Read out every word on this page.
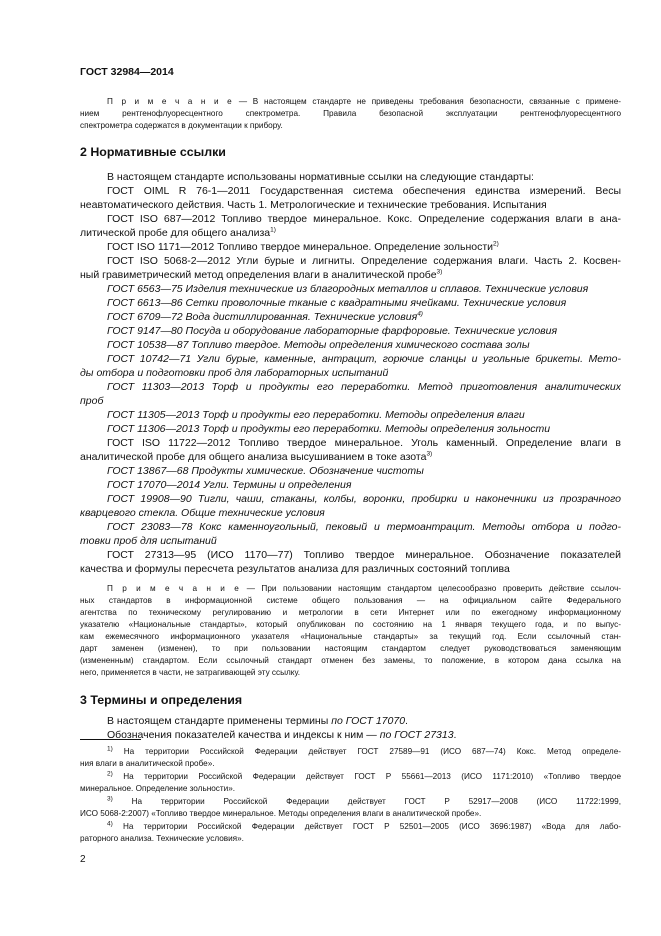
ГОСТ 32984—2014
П р и м е ч а н и е — В настоящем стандарте не приведены требования безопасности, связанные с примене-
нием рентгенофлуоресцентного спектрометра. Правила безопасной эксплуатации рентгенофлуоресцентного
спектрометра содержатся в документации к прибору.
2 Нормативные ссылки
В настоящем стандарте использованы нормативные ссылки на следующие стандарты:
ГОСТ OIML R 76-1—2011 Государственная система обеспечения единства измерений. Весы
неавтоматического действия. Часть 1. Метрологические и технические требования. Испытания
ГОСТ ISO 687—2012 Топливо твердое минеральное. Кокс. Определение содержания влаги в ана-
литической пробе для общего анализа$^{1)}$
ГОСТ ISO 1171—2012 Топливо твердое минеральное. Определение зольности$^{2)}$
ГОСТ ISO 5068-2—2012 Угли бурые и лигниты. Определение содержания влаги. Часть 2. Косвен-
ный гравиметрический метод определения влаги в аналитической пробе$^{3)}$
ГОСТ 6563—75 Изделия технические из благородных металлов и сплавов. Технические условия
ГОСТ 6613—86 Сетки проволочные тканые с квадратными ячейками. Технические условия
ГОСТ 6709—72 Вода дистиллированная. Технические условия$^{4)}$
ГОСТ 9147—80 Посуда и оборудование лабораторные фарфоровые. Технические условия
ГОСТ 10538—87 Топливо твердое. Методы определения химического состава золы
ГОСТ 10742—71 Угли бурые, каменные, антрацит, горючие сланцы и угольные брикеты. Мето-
ды отбора и подготовки проб для лабораторных испытаний
ГОСТ 11303—2013 Торф и продукты его переработки. Метод приготовления аналитических
проб
ГОСТ 11305—2013 Торф и продукты его переработки. Методы определения влаги
ГОСТ 11306—2013 Торф и продукты его переработки. Методы определения зольности
ГОСТ ISO 11722—2012 Топливо твердое минеральное. Уголь каменный. Определение влаги в
аналитической пробе для общего анализа высушиванием в токе азота$^{3)}$
ГОСТ 13867—68 Продукты химические. Обозначение чистоты
ГОСТ 17070—2014 Угли. Термины и определения
ГОСТ 19908—90 Тигли, чаши, стаканы, колбы, воронки, пробирки и наконечники из прозрачного
кварцевого стекла. Общие технические условия
ГОСТ 23083—78 Кокс каменноугольный, пековый и термоантрацит. Методы отбора и подго-
товки проб для испытаний
ГОСТ 27313—95 (ИСО 1170—77) Топливо твердое минеральное. Обозначение показателей
качества и формулы пересчета результатов анализа для различных состояний топлива
П р и м е ч а н и е — При пользовании настоящим стандартом целесообразно проверить действие ссылоч-
ных стандартов в информационной системе общего пользования — на официальном сайте Федерального
агентства по техническому регулированию и метрологии в сети Интернет или по ежегодному информационному
указателю «Национальные стандарты», который опубликован по состоянию на 1 января текущего года, и по выпус-
кам ежемесячного информационного указателя «Национальные стандарты» за текущий год. Если ссылочный стан-
дарт заменен (изменен), то при пользовании настоящим стандартом следует руководствоваться заменяющим
(измененным) стандартом. Если ссылочный стандарт отменен без замены, то положение, в котором дана ссылка на
него, применяется в части, не затрагивающей эту ссылку.
3 Термины и определения
В настоящем стандарте применены термины по ГОСТ 17070.
Обозначения показателей качества и индексы к ним — по ГОСТ 27313.
$^{1)}$ На территории Российской Федерации действует ГОСТ 27589—91 (ИСО 687—74) Кокс. Метод определе-
ния влаги в аналитической пробе».
$^{2)}$ На территории Российской Федерации действует ГОСТ Р 55661—2013 (ИСО 1171:2010) «Топливо твердое
минеральное. Определение зольности».
$^{3)}$ На территории Российской Федерации действует ГОСТ Р 52917—2008 (ИСО 11722:1999,
ИСО 5068-2:2007) «Топливо твердое минеральное. Методы определения влаги в аналитической пробе».
$^{4)}$ На территории Российской Федерации действует ГОСТ Р 52501—2005 (ИСО 3696:1987) «Вода для лабо-
раторного анализа. Технические условия».
2
